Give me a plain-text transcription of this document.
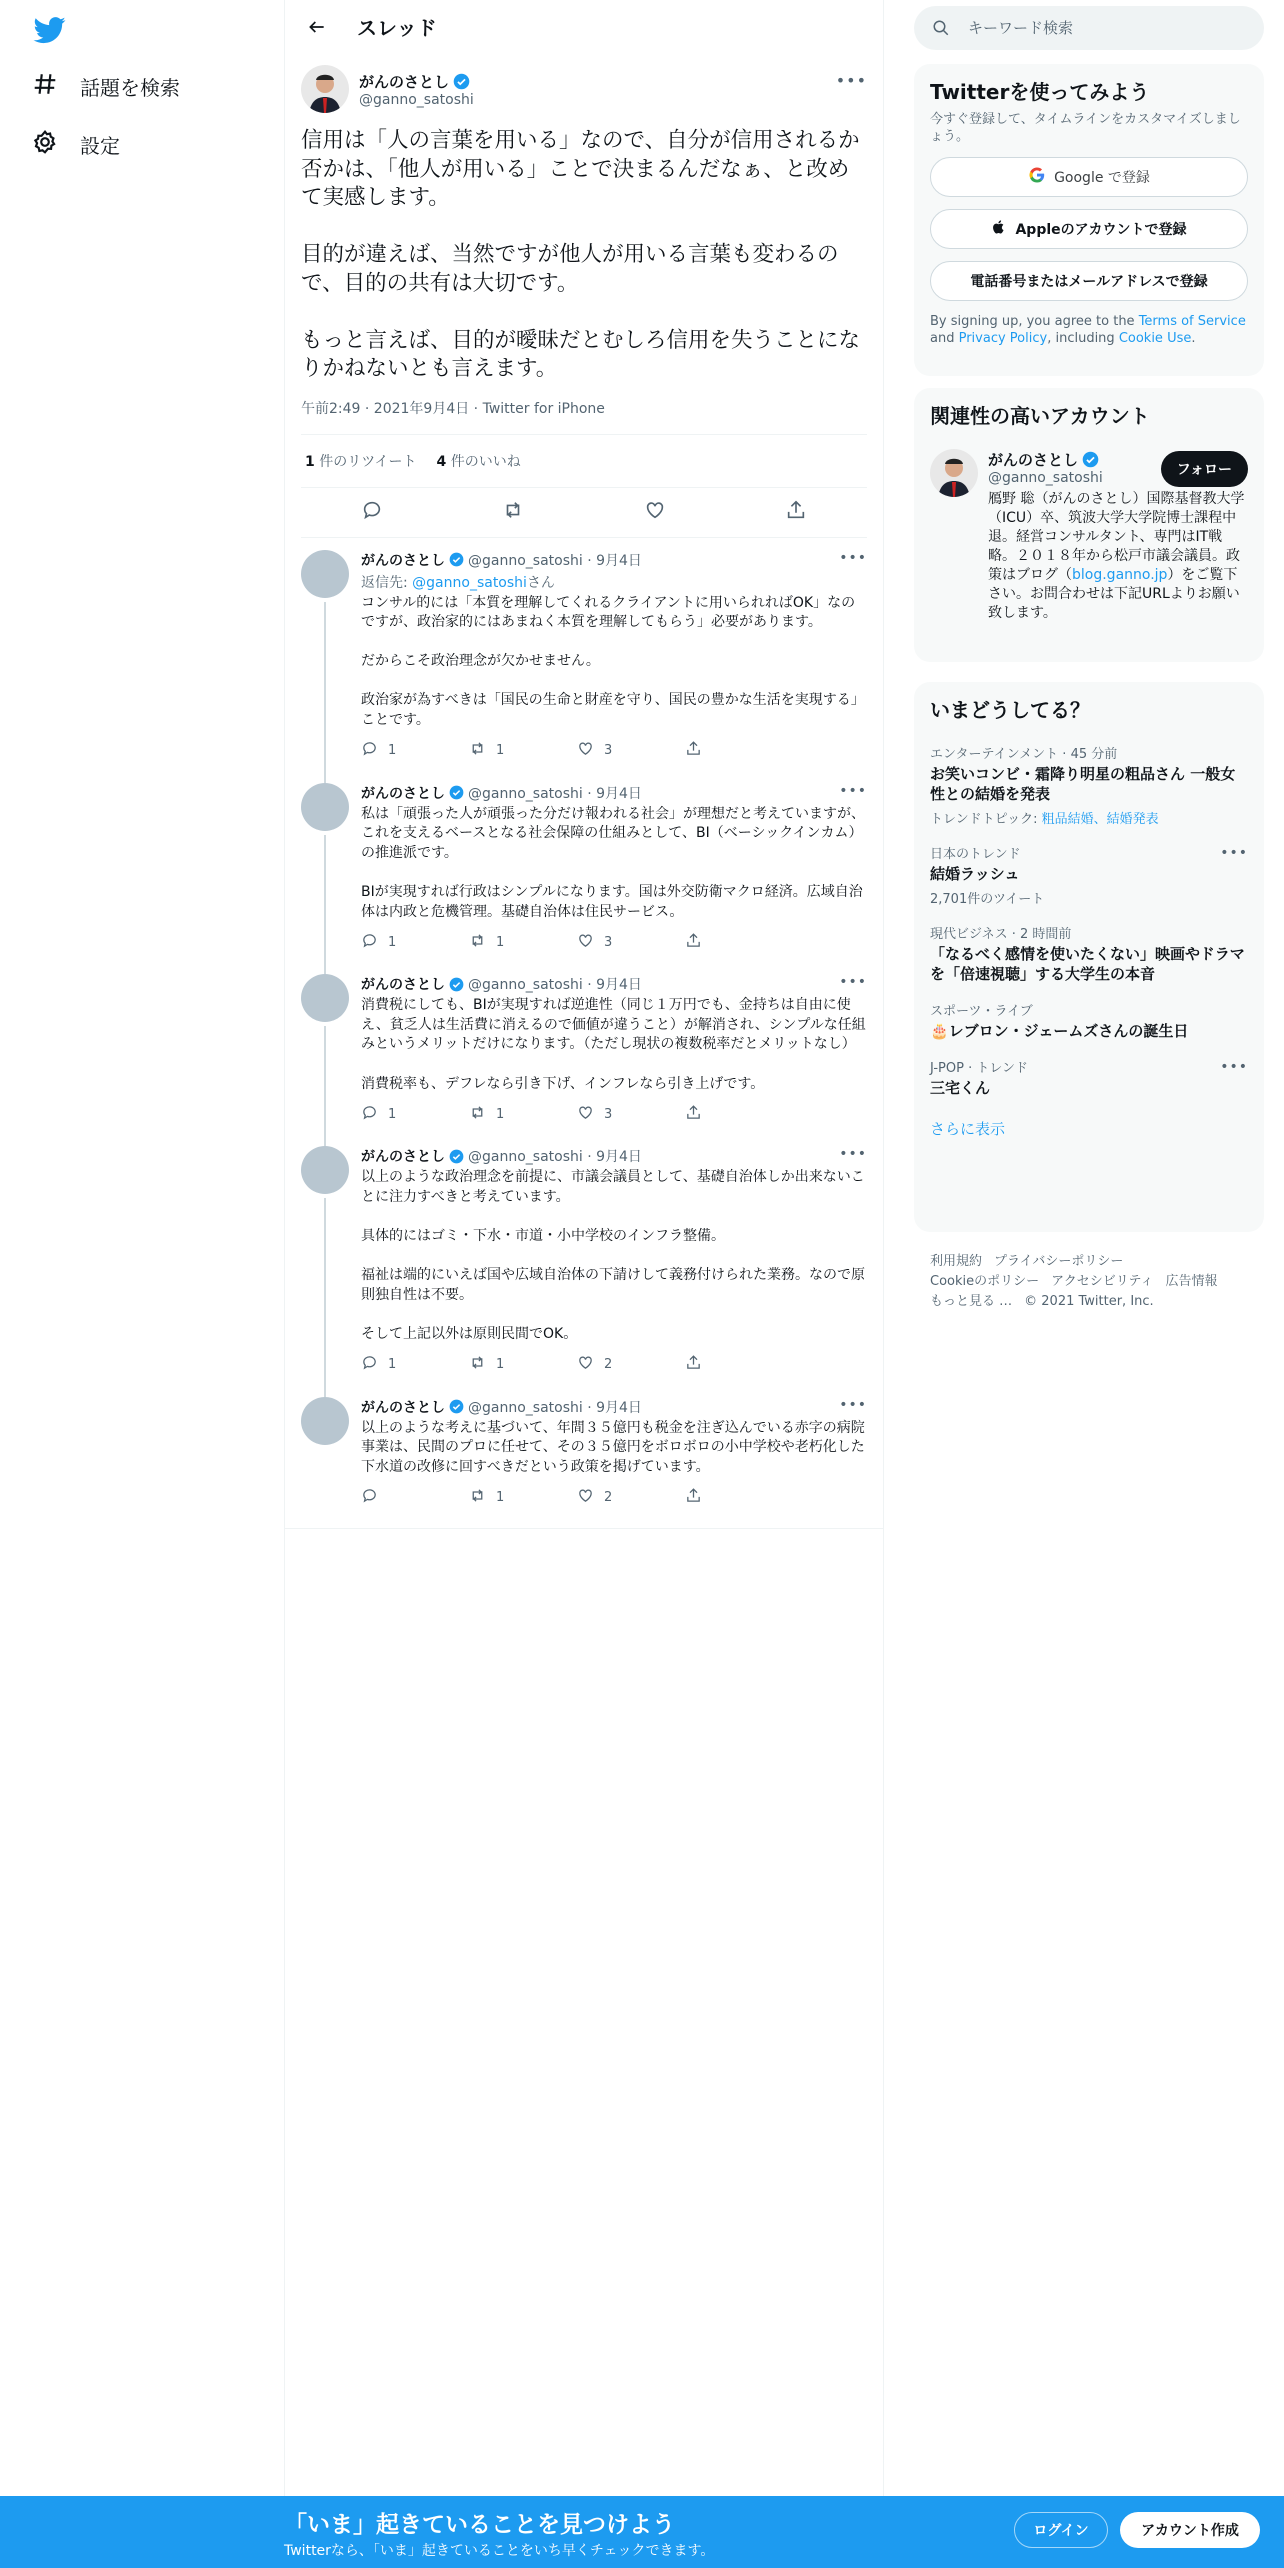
話題を検索
設定
スレッド
がんのさとし
@ganno_satoshi
•••
信用は「人の言葉を用いる」なので、自分が信用されるか否かは、「他人が用いる」ことで決まるんだなぁ、と改めて実感します。

目的が違えば、当然ですが他人が用いる言葉も変わるので、目的の共有は大切です。

もっと言えば、目的が曖昧だとむしろ信用を失うことになりかねないとも言えます。
午前2:49 · 2021年9月4日 · Twitter for iPhone
1 件のリツイート 4 件のいいね
がんのさとし @ganno_satoshi · 9月4日	•••
返信先: @ganno_satoshiさん
コンサル的には「本質を理解してくれるクライアントに用いられればOK」なのですが、政治家的にはあまねく本質を理解してもらう」必要があります。

だからこそ政治理念が欠かせません。

政治家が為すべきは「国民の生命と財産を守り、国民の豊かな生活を実現する」ことです。
1	1	3
がんのさとし @ganno_satoshi · 9月4日	•••
私は「頑張った人が頑張った分だけ報われる社会」が理想だと考えていますが、これを支えるベースとなる社会保障の仕組みとして、BI（ベーシックインカム）の推進派です。

BIが実現すれば行政はシンプルになります。国は外交防衛マクロ経済。広域自治体は内政と危機管理。基礎自治体は住民サービス。
1	1	3
がんのさとし @ganno_satoshi · 9月4日	•••
消費税にしても、BIが実現すれば逆進性（同じ１万円でも、金持ちは自由に使え、貧乏人は生活費に消えるので価値が違うこと）が解消され、シンプルな任組みというメリットだけになります。（ただし現状の複数税率だとメリットなし）

消費税率も、デフレなら引き下げ、インフレなら引き上げです。
1	1	3
がんのさとし @ganno_satoshi · 9月4日	•••
以上のような政治理念を前提に、市議会議員として、基礎自治体しか出来ないことに注力すべきと考えています。

具体的にはゴミ・下水・市道・小中学校のインフラ整備。

福祉は端的にいえば国や広域自治体の下請けして義務付けられた業務。なので原則独自性は不要。

そして上記以外は原則民間でOK。
1	1	2
がんのさとし @ganno_satoshi · 9月4日	•••
以上のような考えに基づいて、年間３５億円も税金を注ぎ込んでいる赤字の病院事業は、民間のプロに任せて、その３５億円をボロボロの小中学校や老朽化した下水道の改修に回すべきだという政策を掲げています。
1	2
キーワード検索
Twitterを使ってみよう
今すぐ登録して、タイムラインをカスタマイズしましょう。
Google で登録
Appleのアカウントで登録
電話番号またはメールアドレスで登録
By signing up, you agree to the Terms of Service and Privacy Policy, including Cookie Use.
関連性の高いアカウント
がんのさとし
@ganno_satoshi
鴈野 聡（がんのさとし）国際基督教大学（ICU）卒、筑波大学大学院博士課程中退。経営コンサルタント、専門はIT戦略。２０１８年から松戸市議会議員。政策はブログ（blog.ganno.jp）をご覧下さい。お問合わせは下記URLよりお願い致します。
フォロー
いまどうしてる？
エンターテインメント · 45 分前
お笑いコンビ・霜降り明星の粗品さん 一般女性との結婚を発表
トレンドトピック: 粗品結婚、結婚発表
日本のトレンド
結婚ラッシュ
2,701件のツイート
•••
現代ビジネス · 2 時間前
「なるべく感情を使いたくない」映画やドラマを「倍速視聴」する大学生の本音
スポーツ・ライブ
🎂レブロン・ジェームズさんの誕生日
J-POP · トレンド
三宅くん
•••
さらに表示
利用規約 プライバシーポリシー
Cookieのポリシー アクセシビリティ 広告情報
もっと見る … © 2021 Twitter, Inc.
「いま」起きていることを見つけよう
Twitterなら、「いま」起きていることをいち早くチェックできます。
ログイン	アカウント作成
